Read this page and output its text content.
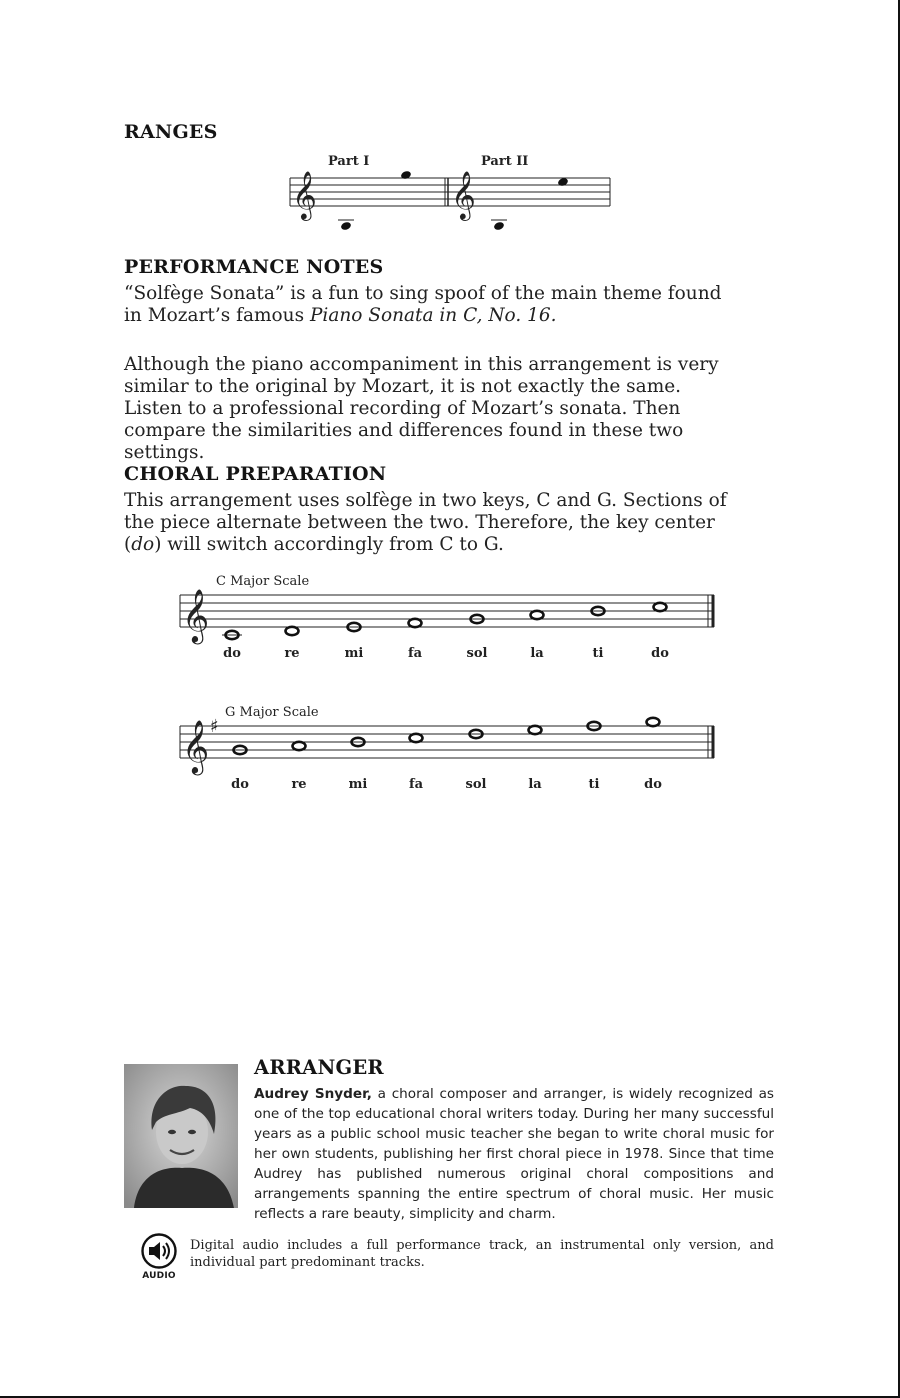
RANGES
Part I	Part II
𝄞	𝄞
PERFORMANCE NOTES

“Solfège Sonata” is a fun to sing spoof of the main theme found in Mozart’s famous Piano Sonata in C, No. 16.

Although the piano accompaniment in this arrangement is very similar to the original by Mozart, it is not exactly the same. Listen to a professional recording of Mozart’s sonata. Then compare the similarities and differences found in these two settings.

CHORAL PREPARATION

This arrangement uses solfège in two keys, C and G. Sections of the piece alternate between the two. Therefore, the key center (do) will switch accordingly from C to G.

C Major Scale
𝄞
do	re	mi	fa	sol	la	ti	do
G Major Scale
𝄞 ♯
do	re	mi	fa	sol	la	ti	do
ARRANGER

Audrey Snyder, a choral composer and arranger, is widely recognized as one of the top educational choral writers today. During her many successful years as a public school music teacher she began to write choral music for her own students, publishing her first choral piece in 1978. Since that time Audrey has published numerous original choral compositions and arrangements spanning the entire spectrum of choral music. Her music reflects a rare beauty, simplicity and charm.

AUDIO

Digital audio includes a full performance track, an instrumental only version, and individual part predominant tracks.
